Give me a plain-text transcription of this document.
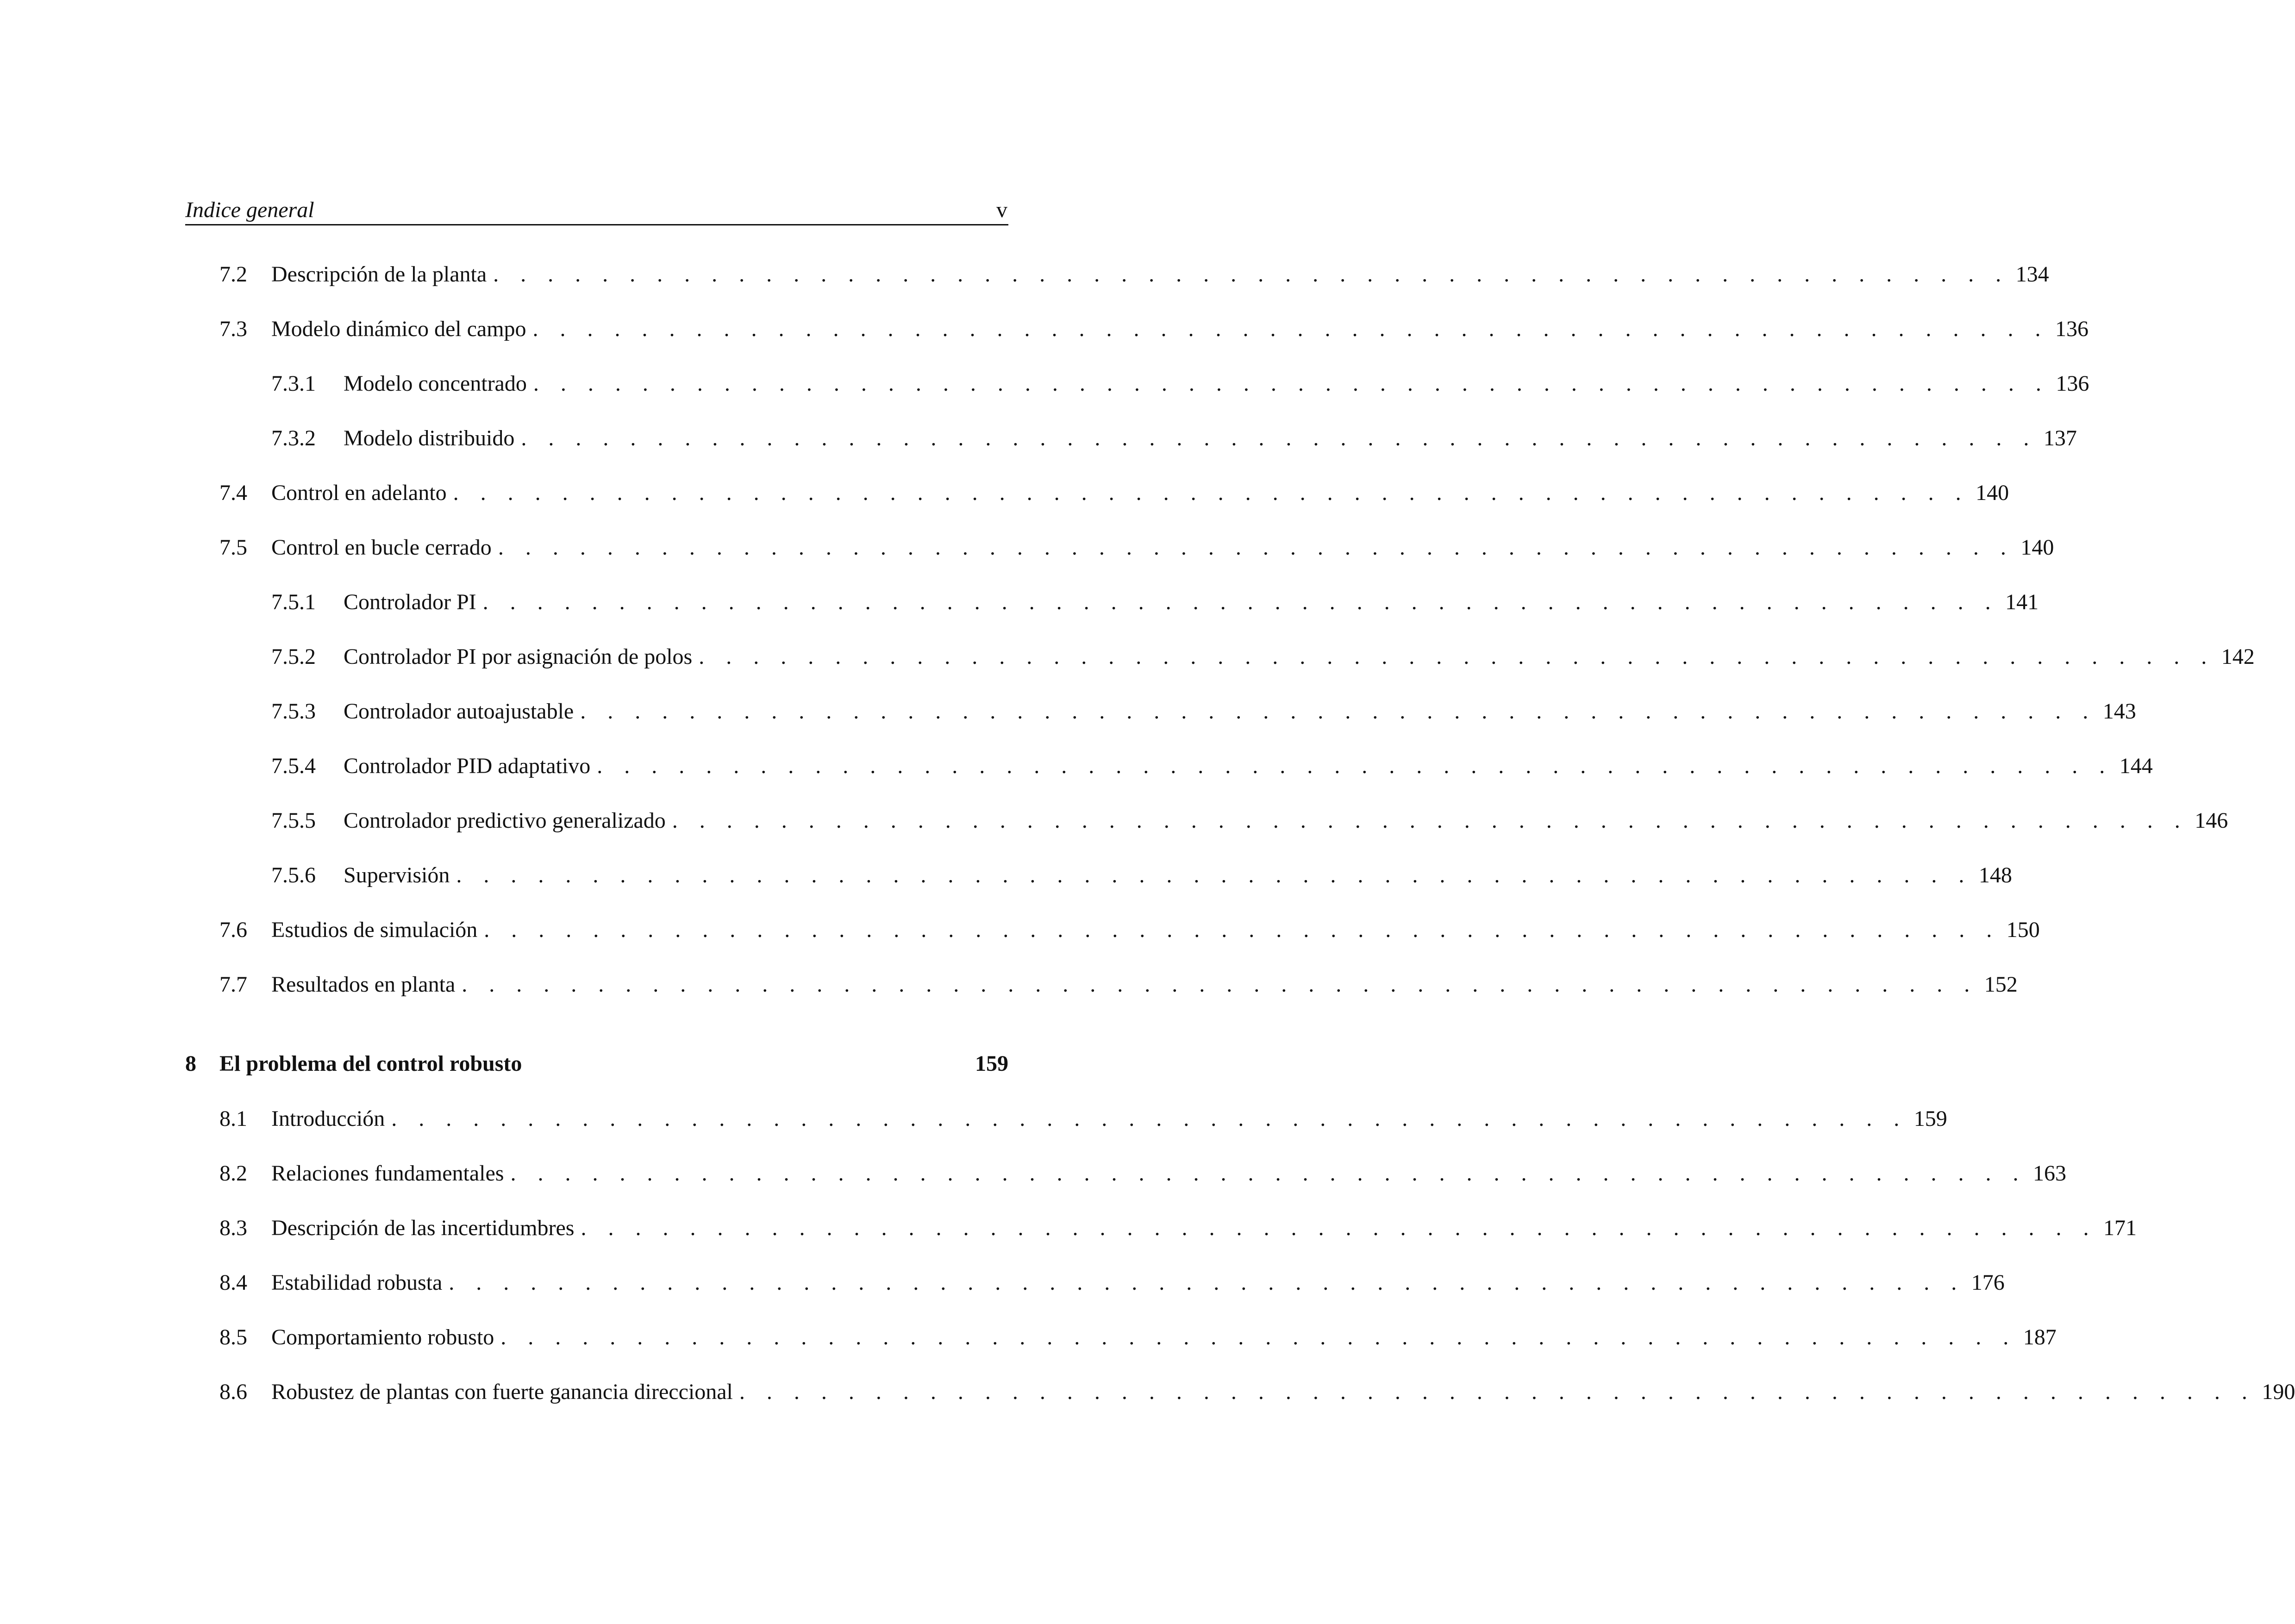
Indice general	v
7.2 Descripción de la planta . . . . . . . . . . . . . . . . . . . . . . . . . . . . . . . . . . . . . . . . . . . . . . . . . . . . . . . . 134
7.3 Modelo dinámico del campo . . . . . . . . . . . . . . . . . . . . . . . . . . . . . . . . . . . . . . . . . . . . . . . . . . . . . . . . 136
7.3.1 Modelo concentrado . . . . . . . . . . . . . . . . . . . . . . . . . . . . . . . . . . . . . . . . . . . . . . . . . . . . . . . . 136
7.3.2 Modelo distribuido . . . . . . . . . . . . . . . . . . . . . . . . . . . . . . . . . . . . . . . . . . . . . . . . . . . . . . . . 137
7.4 Control en adelanto . . . . . . . . . . . . . . . . . . . . . . . . . . . . . . . . . . . . . . . . . . . . . . . . . . . . . . . . 140
7.5 Control en bucle cerrado . . . . . . . . . . . . . . . . . . . . . . . . . . . . . . . . . . . . . . . . . . . . . . . . . . . . . . . . 140
7.5.1 Controlador PI . . . . . . . . . . . . . . . . . . . . . . . . . . . . . . . . . . . . . . . . . . . . . . . . . . . . . . . . 141
7.5.2 Controlador PI por asignación de polos . . . . . . . . . . . . . . . . . . . . . . . . . . . . . . . . . . . . . . . . . . . . . . . . . . . . . . . . 142
7.5.3 Controlador autoajustable . . . . . . . . . . . . . . . . . . . . . . . . . . . . . . . . . . . . . . . . . . . . . . . . . . . . . . . . 143
7.5.4 Controlador PID adaptativo . . . . . . . . . . . . . . . . . . . . . . . . . . . . . . . . . . . . . . . . . . . . . . . . . . . . . . . . 144
7.5.5 Controlador predictivo generalizado . . . . . . . . . . . . . . . . . . . . . . . . . . . . . . . . . . . . . . . . . . . . . . . . . . . . . . . . 146
7.5.6 Supervisión . . . . . . . . . . . . . . . . . . . . . . . . . . . . . . . . . . . . . . . . . . . . . . . . . . . . . . . . 148
7.6 Estudios de simulación . . . . . . . . . . . . . . . . . . . . . . . . . . . . . . . . . . . . . . . . . . . . . . . . . . . . . . . . 150
7.7 Resultados en planta . . . . . . . . . . . . . . . . . . . . . . . . . . . . . . . . . . . . . . . . . . . . . . . . . . . . . . . . 152
8 El problema del control robusto	159
8.1 Introducción . . . . . . . . . . . . . . . . . . . . . . . . . . . . . . . . . . . . . . . . . . . . . . . . . . . . . . . . 159
8.2 Relaciones fundamentales . . . . . . . . . . . . . . . . . . . . . . . . . . . . . . . . . . . . . . . . . . . . . . . . . . . . . . . . 163
8.3 Descripción de las incertidumbres . . . . . . . . . . . . . . . . . . . . . . . . . . . . . . . . . . . . . . . . . . . . . . . . . . . . . . . . 171
8.4 Estabilidad robusta . . . . . . . . . . . . . . . . . . . . . . . . . . . . . . . . . . . . . . . . . . . . . . . . . . . . . . . . 176
8.5 Comportamiento robusto . . . . . . . . . . . . . . . . . . . . . . . . . . . . . . . . . . . . . . . . . . . . . . . . . . . . . . . . 187
8.6 Robustez de plantas con fuerte ganancia direccional . . . . . . . . . . . . . . . . . . . . . . . . . . . . . . . . . . . . . . . . . . . . . . . . . . . . . . . . 190
